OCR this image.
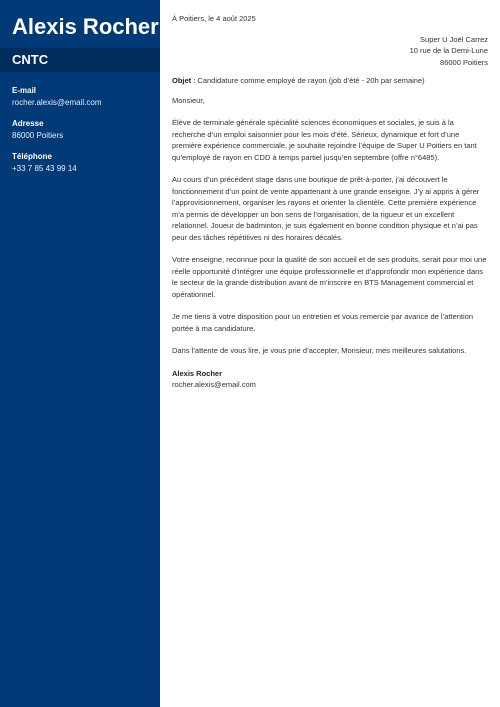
Alexis Rocher
CNTC
E-mail
rocher.alexis@email.com
Adresse
86000 Poitiers
Téléphone
+33 7 85 43 99 14
À Poitiers, le 4 août 2025
Super U Joël Carrez
10 rue de la Demi-Lune
86000 Poitiers
Objet : Candidature comme employé de rayon (job d’été - 20h par semaine)
Monsieur,
Élève de terminale générale spécialité sciences économiques et sociales, je suis à la recherche d’un emploi saisonnier pour les mois d’été. Sérieux, dynamique et fort d’une première expérience commerciale, je souhaite rejoindre l’équipe de Super U Poitiers en tant qu’employé de rayon en CDD à temps partiel jusqu’en septembre (offre n°6485).
Au cours d’un précédent stage dans une boutique de prêt-à-porter, j’ai découvert le fonctionnement d’un point de vente appartenant à une grande enseigne. J’y ai appris à gérer l’approvisionnement, organiser les rayons et orienter la clientèle. Cette première expérience m’a permis de développer un bon sens de l’organisation, de la rigueur et un excellent relationnel. Joueur de badminton, je suis également en bonne condition physique et n’ai pas peur des tâches répétitives ni des horaires décalés.
Votre enseigne, reconnue pour la qualité de son accueil et de ses produits, serait pour moi une réelle opportunité d’intégrer une équipe professionnelle et d’approfondir mon expérience dans le secteur de la grande distribution avant de m’inscrire en BTS Management commercial et opérationnel.
Je me tiens à votre disposition pour un entretien et vous remercie par avance de l’attention portée à ma candidature.
Dans l’attente de vous lire, je vous prie d’accepter, Monsieur, mes meilleures salutations.
Alexis Rocher
rocher.alexis@email.com
